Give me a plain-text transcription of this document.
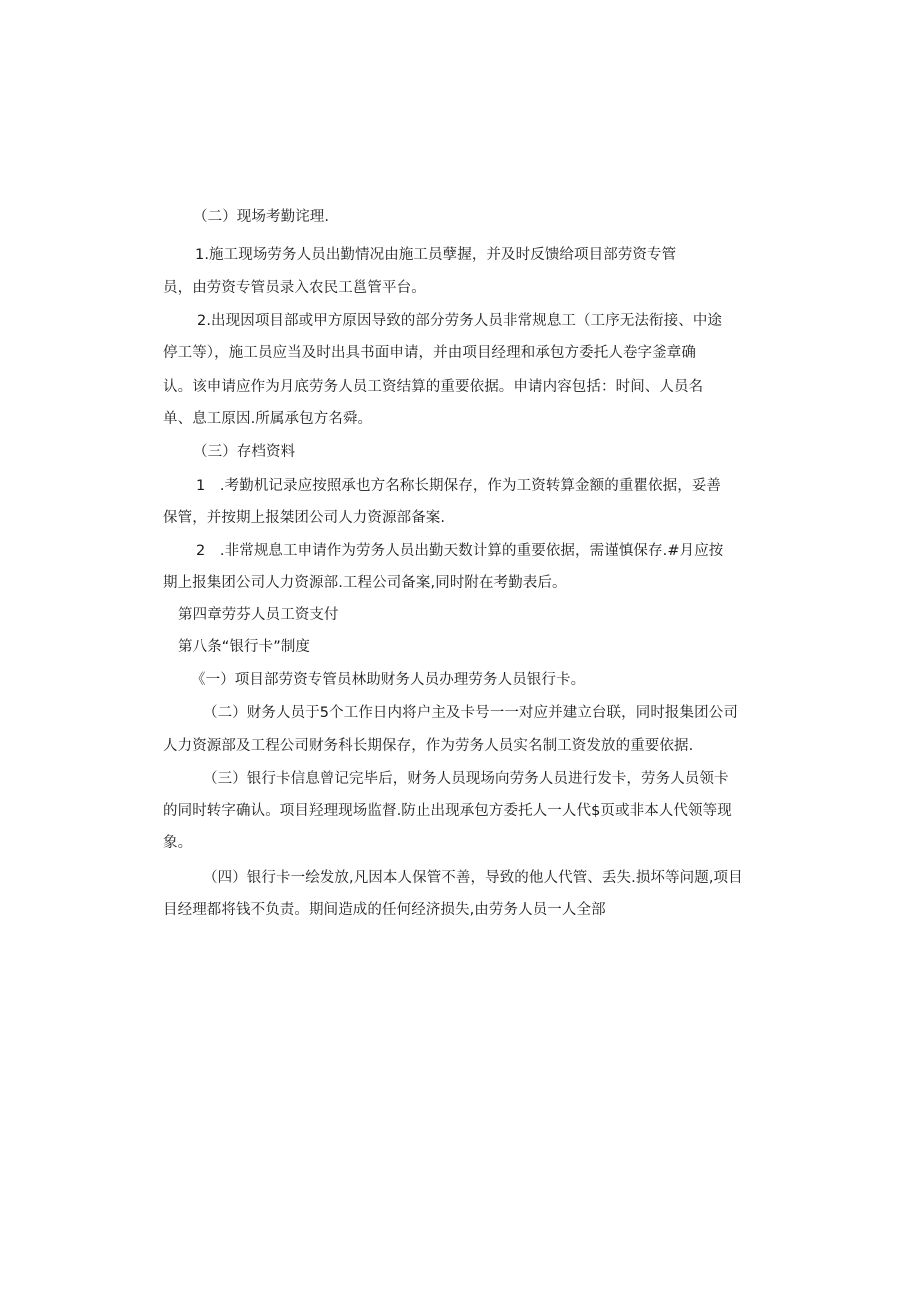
（二）现场考勤诧理.
1.施工现场劳务人员出勤情况由施工员孽握，并及时反馈给项目部劳资专管
员，由劳资专管员录入农民工邕管平台。
2.出现因项目部或甲方原因导致的部分劳务人员非常规息工（工序无法衔接、中途
停工等），施工员应当及时出具书面申请，并由项目经理和承包方委托人卷字釜章确
认。该申请应作为月底劳务人员工资结算的重要依据。申请内容包括：时间、人员名
单、息工原因.所属承包方名舜。
（三）存档资料
1　.考勤机记录应按照承也方名称长期保存，作为工资转算金额的重瞿依据，妥善
保管，并按期上报桀团公司人力资源部备案.
2　.非常规息工申请作为劳务人员出勤天数计算的重要依据，需谨慎保存.#月应按
期上报集团公司人力资源部.工程公司备案,同时附在考勤表后。
第四章劳芬人员工资支付
第八条“银行卡”制度
《一）项目部劳资专管员林助财务人员办理劳务人员银行卡。
（二）财务人员于5个工作日内将户主及卡号一一对应并建立台联，同时报集团公司
人力资源部及工程公司财务科长期保存，作为劳务人员实名制工资发放的重要依据.
（三）银行卡信息曾记完毕后，财务人员现场向劳务人员进行发卡，劳务人员领卡
的同时转字确认。项目羟理现场监督.防止出现承包方委托人一人代$页或非本人代领等现
象。
（四）银行卡一绘发放,凡因本人保管不善，导致的他人代管、丢失.损坏等问题,项目
目经理都将钱不负责。期间造成的任何经济损失,由劳务人员一人全部
